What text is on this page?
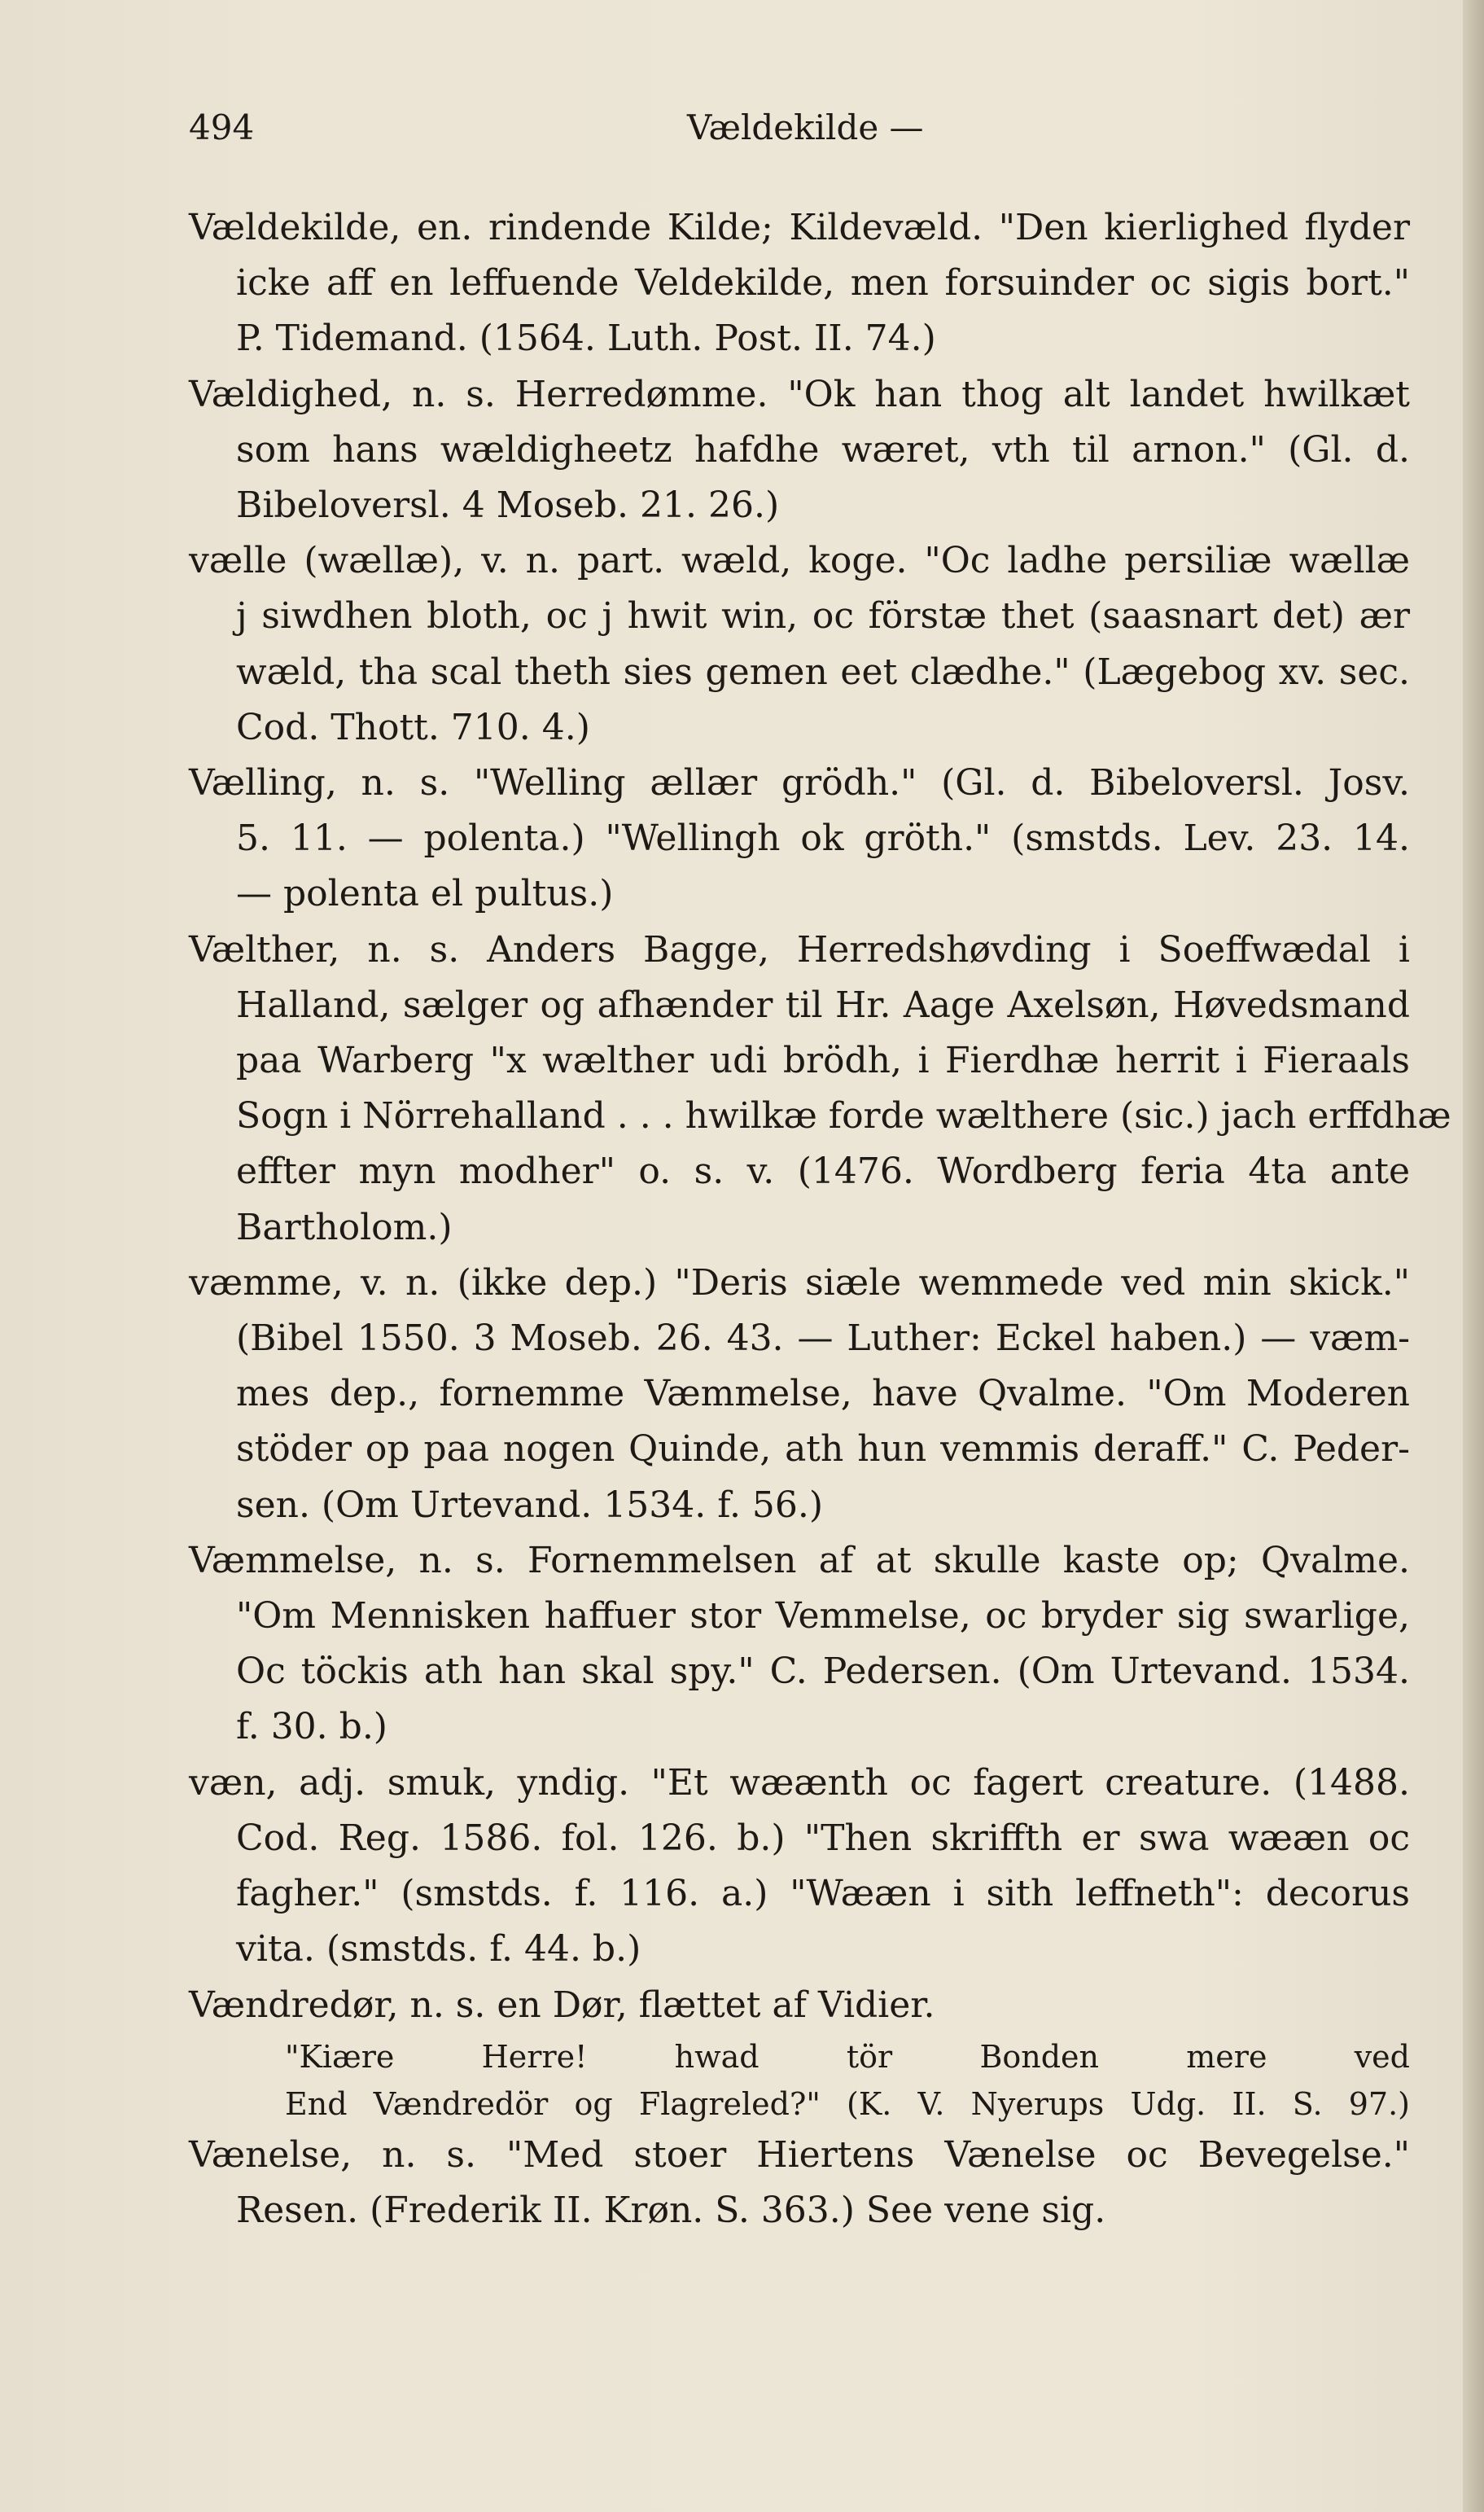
494	Vældekilde —
Vældekilde, en. rindende Kilde; Kildevæld. "Den kierlighed flyder
icke aff en leffuende Veldekilde, men forsuinder oc sigis bort."
P. Tidemand. (1564. Luth. Post. II. 74.)
Vældighed, n. s. Herredømme. "Ok han thog alt landet hwilkæt
som hans wældigheetz hafdhe wæret, vth til arnon." (Gl. d.
Bibeloversl. 4 Moseb. 21. 26.)
vælle (wællæ), v. n. part. wæld, koge. "Oc ladhe persiliæ wællæ
j siwdhen bloth, oc j hwit win, oc förstæ thet (saasnart det) ær
wæld, tha scal theth sies gemen eet clædhe." (Lægebog xv. sec.
Cod. Thott. 710. 4.)
Vælling, n. s. "Welling ællær grödh." (Gl. d. Bibeloversl. Josv.
5. 11. — polenta.) "Wellingh ok gröth." (smstds. Lev. 23. 14.
— polenta el pultus.)
Vælther, n. s. Anders Bagge, Herredshøvding i Soeffwædal i
Halland, sælger og afhænder til Hr. Aage Axelsøn, Høvedsmand
paa Warberg "x wælther udi brödh, i Fierdhæ herrit i Fieraals
Sogn i Nörrehalland . . . hwilkæ forde wælthere (sic.) jach erffdhæ
effter myn modher" o. s. v. (1476. Wordberg feria 4ta ante
Bartholom.)
væmme, v. n. (ikke dep.) "Deris siæle wemmede ved min skick."
(Bibel 1550. 3 Moseb. 26. 43. — Luther: Eckel haben.) — væm-
mes dep., fornemme Væmmelse, have Qvalme. "Om Moderen
stöder op paa nogen Quinde, ath hun vemmis deraff." C. Peder-
sen. (Om Urtevand. 1534. f. 56.)
Væmmelse, n. s. Fornemmelsen af at skulle kaste op; Qvalme.
"Om Mennisken haffuer stor Vemmelse, oc bryder sig swarlige,
Oc töckis ath han skal spy." C. Pedersen. (Om Urtevand. 1534.
f. 30. b.)
væn, adj. smuk, yndig. "Et wæænth oc fagert creature. (1488.
Cod. Reg. 1586. fol. 126. b.) "Then skriffth er swa wææn oc
fagher." (smstds. f. 116. a.) "Wææn i sith leffneth": decorus
vita. (smstds. f. 44. b.)
Vændredør, n. s. en Dør, flættet af Vidier.
"Kiære Herre! hwad tör Bonden mere ved
End Vændredör og Flagreled?" (K. V. Nyerups Udg. II. S. 97.)
Vænelse, n. s. "Med stoer Hiertens Vænelse oc Bevegelse."
Resen. (Frederik II. Krøn. S. 363.) See vene sig.
